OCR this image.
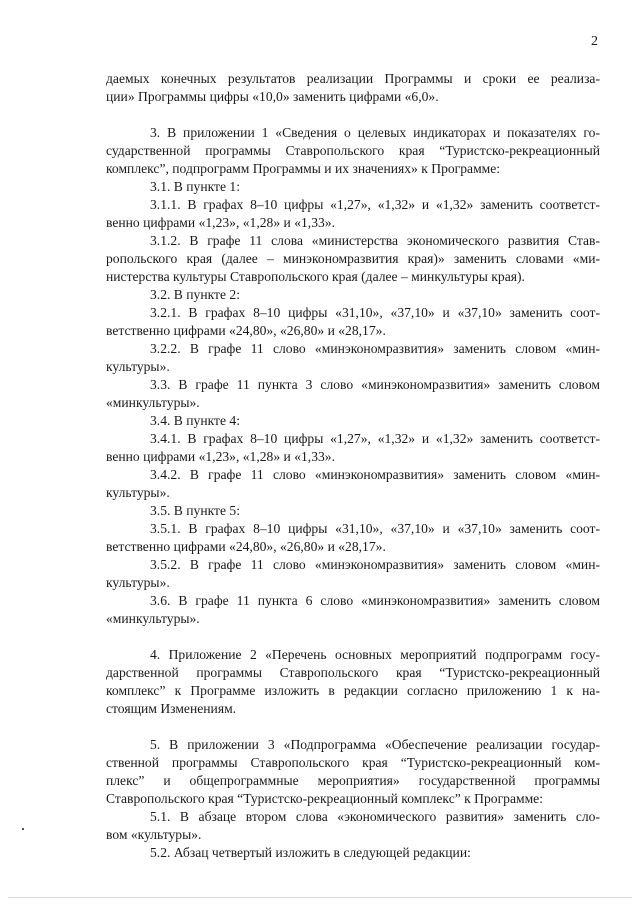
2
даемых конечных результатов реализации Программы и сроки ее реализа-
ции» Программы цифры «10,0» заменить цифрами «6,0».
3. В приложении 1 «Сведения о целевых индикаторах и показателях го-
сударственной программы Ставропольского края “Туристско-рекреационный
комплекс”, подпрограмм Программы и их значениях» к Программе:
3.1. В пункте 1:
3.1.1. В графах 8–10 цифры «1,27», «1,32» и «1,32» заменить соответст-
венно цифрами «1,23», «1,28» и «1,33».
3.1.2. В графе 11 слова «министерства экономического развития Став-
ропольского края (далее – минэкономразвития края)» заменить словами «ми-
нистерства культуры Ставропольского края (далее – минкультуры края).
3.2. В пункте 2:
3.2.1. В графах 8–10 цифры «31,10», «37,10» и «37,10» заменить соот-
ветственно цифрами «24,80», «26,80» и «28,17».
3.2.2. В графе 11 слово «минэкономразвития» заменить словом «мин-
культуры».
3.3. В графе 11 пункта 3 слово «минэкономразвития» заменить словом
«минкультуры».
3.4. В пункте 4:
3.4.1. В графах 8–10 цифры «1,27», «1,32» и «1,32» заменить соответст-
венно цифрами «1,23», «1,28» и «1,33».
3.4.2. В графе 11 слово «минэкономразвития» заменить словом «мин-
культуры».
3.5. В пункте 5:
3.5.1. В графах 8–10 цифры «31,10», «37,10» и «37,10» заменить соот-
ветственно цифрами «24,80», «26,80» и «28,17».
3.5.2. В графе 11 слово «минэкономразвития» заменить словом «мин-
культуры».
3.6. В графе 11 пункта 6 слово «минэкономразвития» заменить словом
«минкультуры».
4. Приложение 2 «Перечень основных мероприятий подпрограмм госу-
дарственной программы Ставропольского края “Туристско-рекреационный
комплекс” к Программе изложить в редакции согласно приложению 1 к на-
стоящим Изменениям.
5. В приложении 3 «Подпрограмма «Обеспечение реализации государ-
ственной программы Ставропольского края “Туристско-рекреационный ком-
плекс” и общепрограммные мероприятия» государственной программы
Ставропольского края “Туристско-рекреационный комплекс” к Программе:
5.1. В абзаце втором слова «экономического развития» заменить сло-
вом «культуры».
5.2. Абзац четвертый изложить в следующей редакции:
